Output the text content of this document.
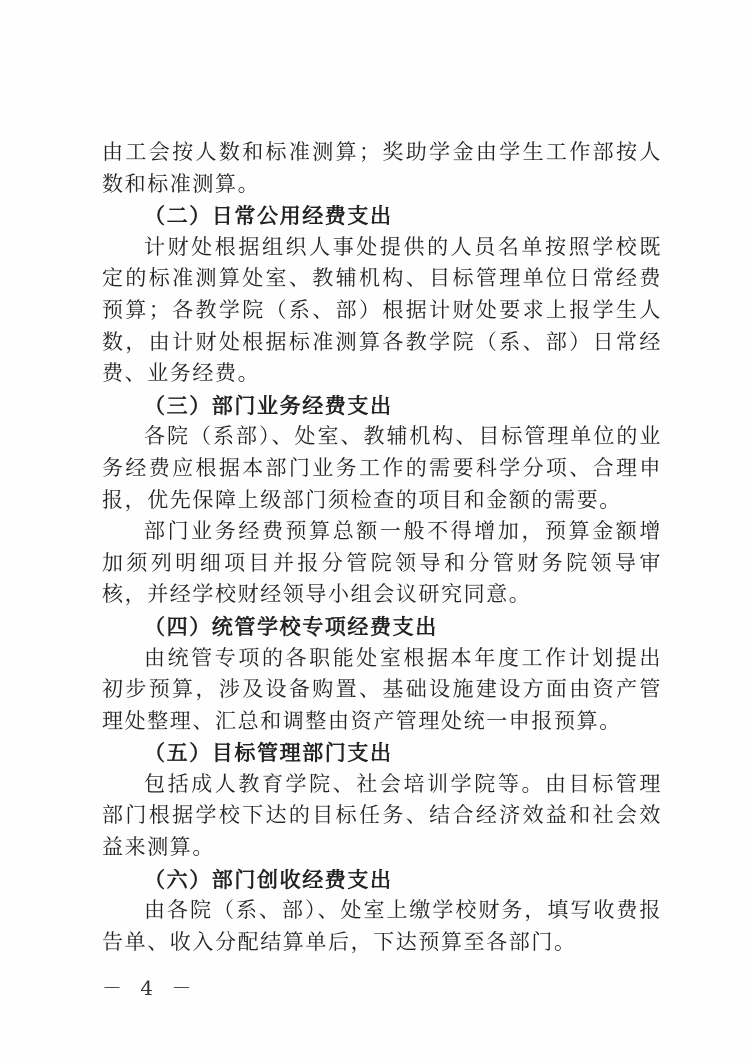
由工会按人数和标准测算；奖助学金由学生工作部按人数和标准测算。

（二）日常公用经费支出

计财处根据组织人事处提供的人员名单按照学校既定的标准测算处室、教辅机构、目标管理单位日常经费预算；各教学院（系、部）根据计财处要求上报学生人数，由计财处根据标准测算各教学院（系、部）日常经费、业务经费。

（三）部门业务经费支出

各院（系部）、处室、教辅机构、目标管理单位的业务经费应根据本部门业务工作的需要科学分项、合理申报，优先保障上级部门须检查的项目和金额的需要。

部门业务经费预算总额一般不得增加，预算金额增加须列明细项目并报分管院领导和分管财务院领导审核，并经学校财经领导小组会议研究同意。

（四）统管学校专项经费支出

由统管专项的各职能处室根据本年度工作计划提出初步预算，涉及设备购置、基础设施建设方面由资产管理处整理、汇总和调整由资产管理处统一申报预算。

（五）目标管理部门支出

包括成人教育学院、社会培训学院等。由目标管理部门根据学校下达的目标任务、结合经济效益和社会效益来测算。

（六）部门创收经费支出

由各院（系、部）、处室上缴学校财务，填写收费报告单、收入分配结算单后，下达预算至各部门。

－ 4 －
